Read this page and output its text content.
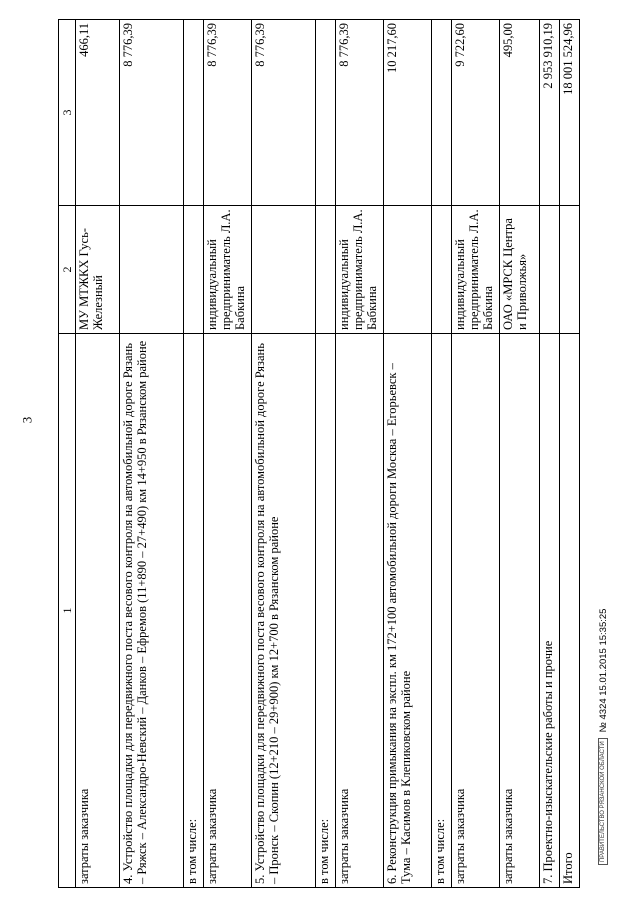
3
1	2	3
затраты заказчика	МУ МТЖКХ Гусь-Железный	466,11
4. Устройство площадки для передвижного поста весового контроля на автомобильной дороге Рязань – Ряжск – Александро-Невский – Данков – Ефремов (11+890 – 27+490) км 14+950 в Рязанском районе		8 776,39
в том числе:		
затраты заказчика	индивидуальный предприниматель Л.А. Бабкина	8 776,39
5. Устройство площадки для передвижного поста весового контроля на автомобильной дороге Рязань – Пронск – Скопин (12+210 – 29+900) км 12+700 в Рязанском районе		8 776,39
в том числе:		
затраты заказчика	индивидуальный предприниматель Л.А. Бабкина	8 776,39
6. Реконструкция примыкания на экспл. км 172+100 автомобильной дороги Москва – Егорьевск – Тума – Касимов в Клепиковском районе		10 217,60
в том числе:		
затраты заказчика	индивидуальный предприниматель Л.А. Бабкина	9 722,60
затраты заказчика	ОАО «МРСК Центра и Приволжья»	495,00
7. Проектно-изыскательские работы и прочие		2 953 910,19
Итого		18 001 524,96
ПРАВИТЕЛЬСТВО РЯЗАНСКОЙ ОБЛАСТИ
№ 4324 15.01.2015 15:35:25
